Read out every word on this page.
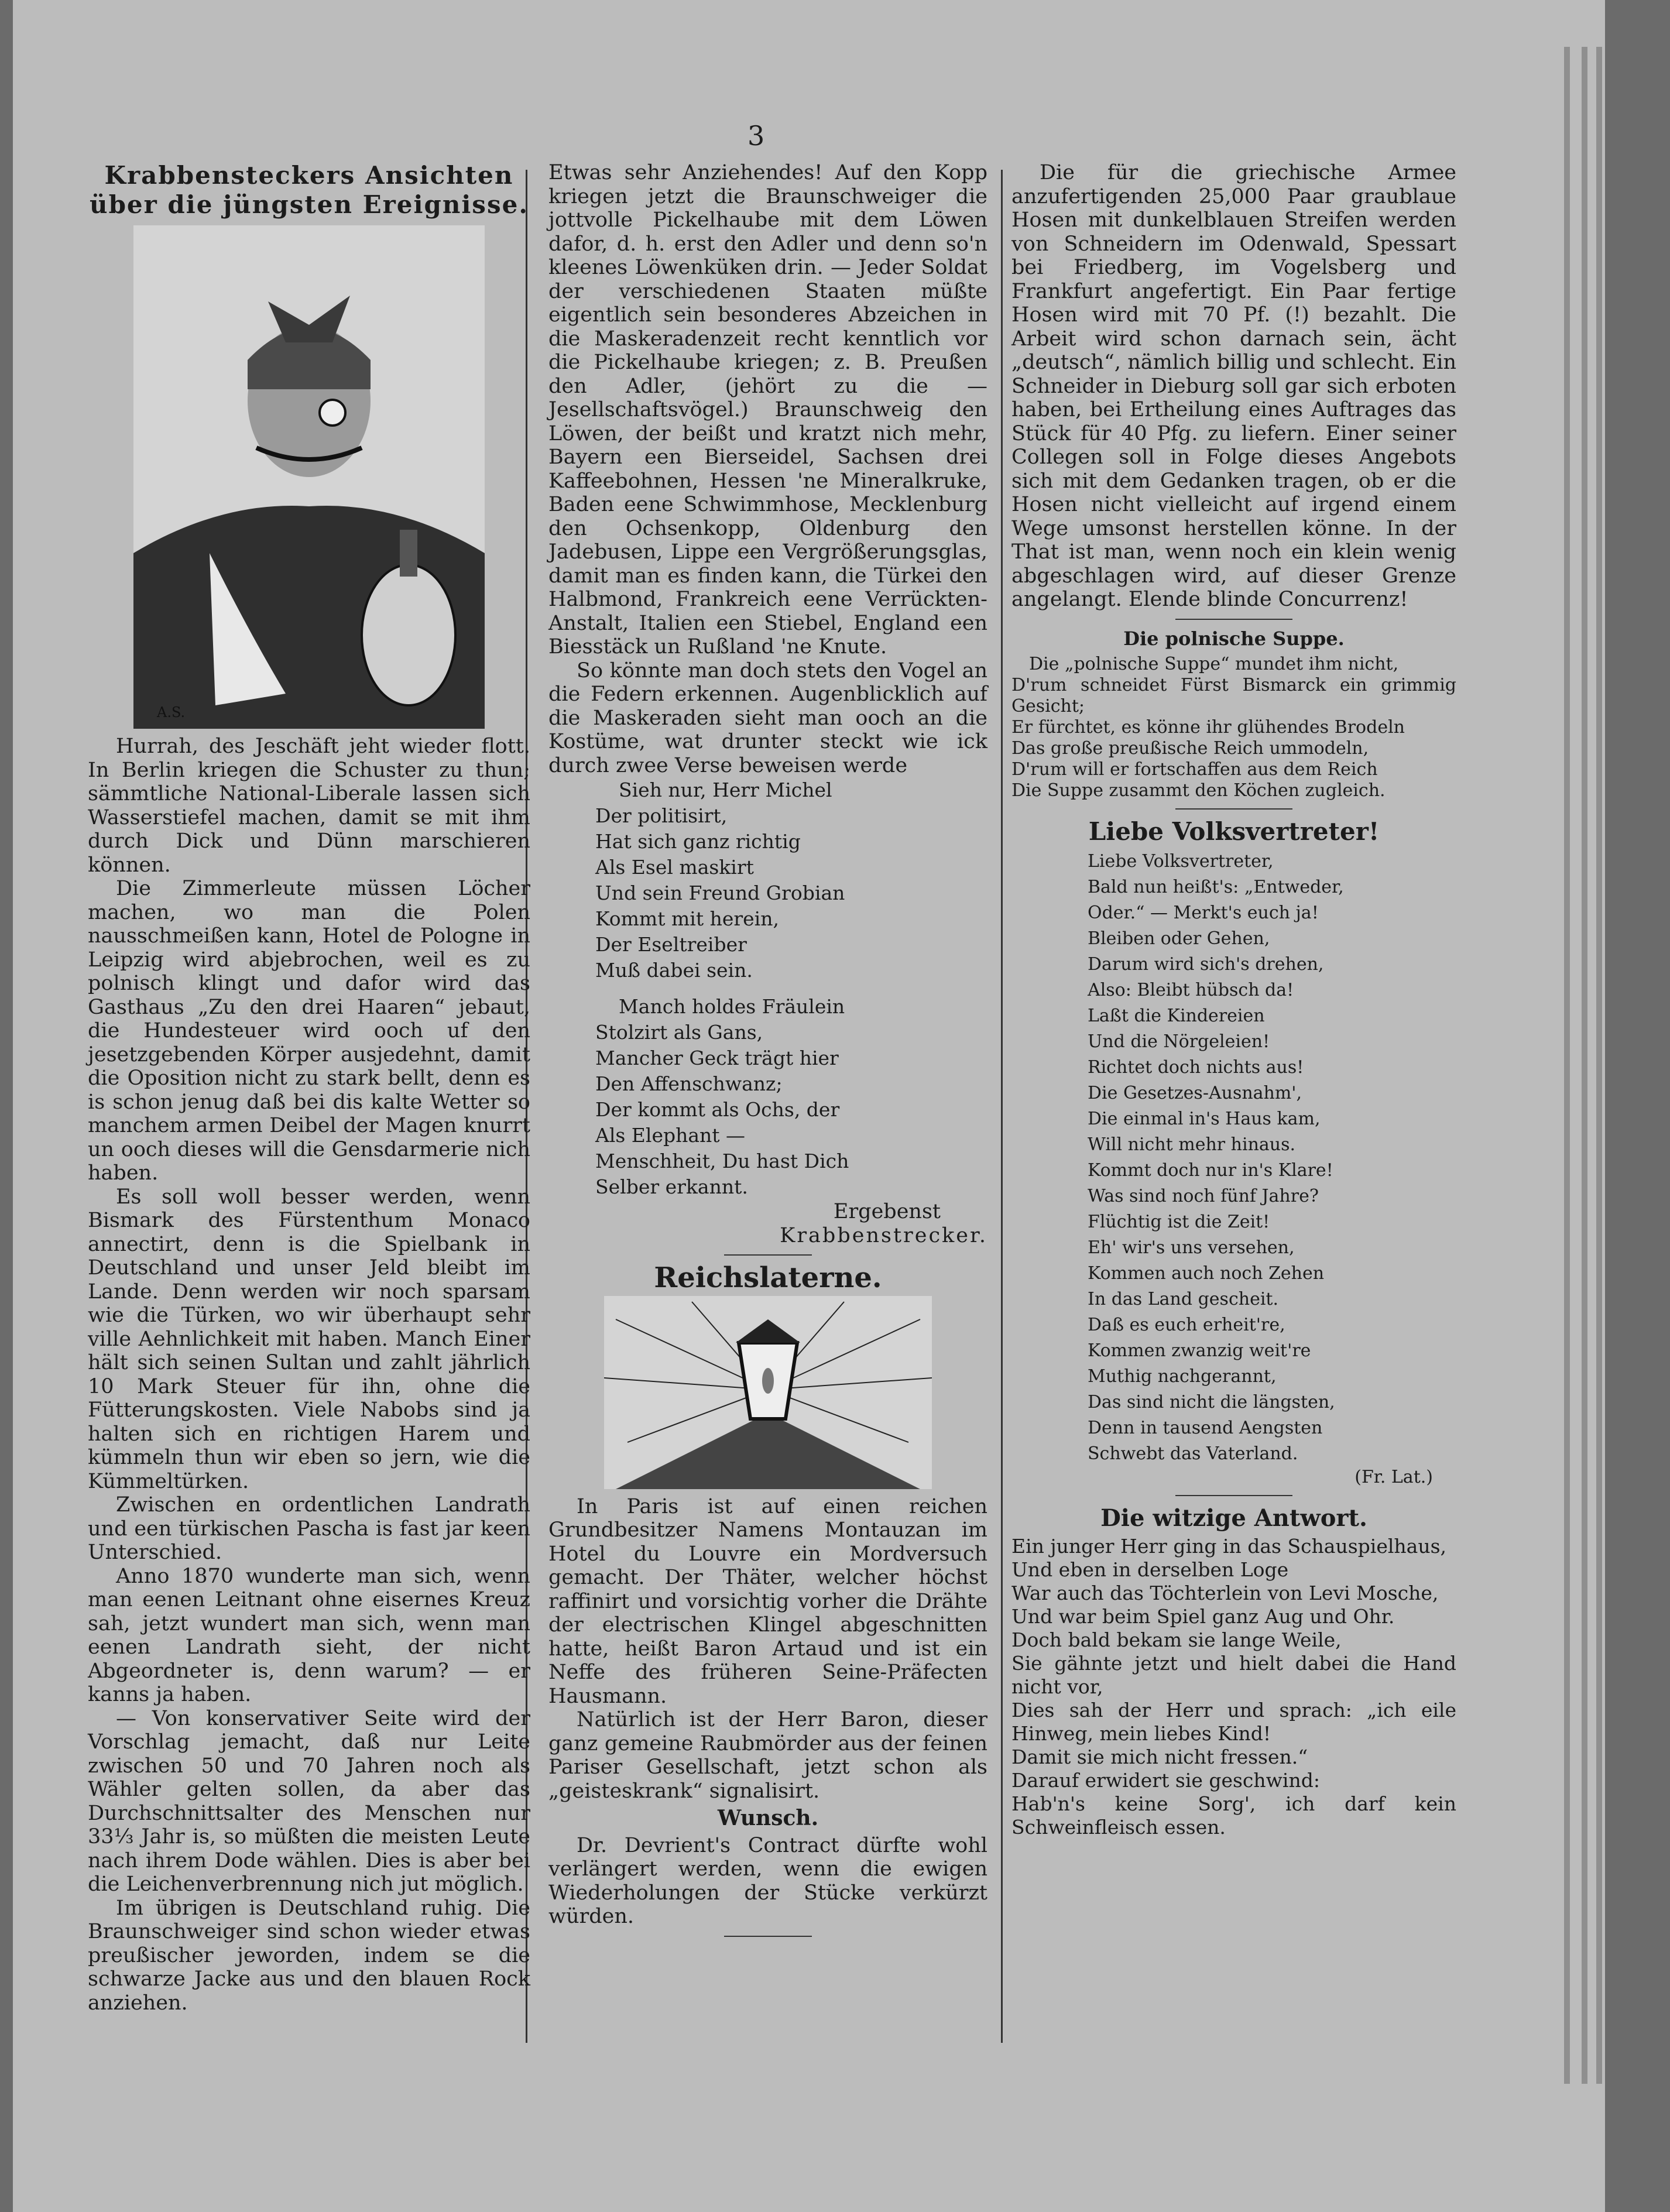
3
Krabbensteckers Ansichten
über die jüngsten Ereignisse.
A.S.

Hurrah, des Jeschäft jeht wieder flott. In Berlin kriegen die Schuster zu thun; sämmtliche National-Liberale lassen sich Wasserstiefel machen, damit se mit ihm durch Dick und Dünn marschieren können.

Die Zimmerleute müssen Löcher machen, wo man die Polen nausschmeißen kann, Hotel de Pologne in Leipzig wird abjebrochen, weil es zu polnisch klingt und dafor wird das Gasthaus „Zu den drei Haaren“ jebaut, die Hundesteuer wird ooch uf den jesetzgebenden Körper ausjedehnt, damit die Oposition nicht zu stark bellt, denn es is schon jenug daß bei dis kalte Wetter so manchem armen Deibel der Magen knurrt un ooch dieses will die Gensdarmerie nich haben.

Es soll woll besser werden, wenn Bismark des Fürstenthum Monaco annectirt, denn is die Spielbank in Deutschland und unser Jeld bleibt im Lande. Denn werden wir noch sparsam wie die Türken, wo wir überhaupt sehr ville Aehnlichkeit mit haben. Manch Einer hält sich seinen Sultan und zahlt jährlich 10 Mark Steuer für ihn, ohne die Fütterungskosten. Viele Nabobs sind ja halten sich en richtigen Harem und kümmeln thun wir eben so jern, wie die Kümmeltürken.

Zwischen en ordentlichen Landrath und een türkischen Pascha is fast jar keen Unterschied.

Anno 1870 wunderte man sich, wenn man eenen Leitnant ohne eisernes Kreuz sah, jetzt wundert man sich, wenn man eenen Landrath sieht, der nicht Abgeordneter is, denn warum? — er kanns ja haben.

— Von konservativer Seite wird der Vorschlag jemacht, daß nur Leite zwischen 50 und 70 Jahren noch als Wähler gelten sollen, da aber das Durchschnittsalter des Menschen nur 33⅓ Jahr is, so müßten die meisten Leute nach ihrem Dode wählen. Dies is aber bei die Leichenverbrennung nich jut möglich.

Im übrigen is Deutschland ruhig. Die Braunschweiger sind schon wieder etwas preußischer jeworden, indem se die schwarze Jacke aus und den blauen Rock anziehen.

Etwas sehr Anziehendes! Auf den Kopp kriegen jetzt die Braunschweiger die jottvolle Pickelhaube mit dem Löwen dafor, d. h. erst den Adler und denn so'n kleenes Löwenküken drin. — Jeder Soldat der verschiedenen Staaten müßte eigentlich sein besonderes Abzeichen in die Maskeradenzeit recht kenntlich vor die Pickelhaube kriegen; z. B. Preußen den Adler, (jehört zu die — Jesellschaftsvögel.) Braunschweig den Löwen, der beißt und kratzt nich mehr, Bayern een Bierseidel, Sachsen drei Kaffeebohnen, Hessen 'ne Mineralkruke, Baden eene Schwimmhose, Mecklenburg den Ochsenkopp, Oldenburg den Jadebusen, Lippe een Vergrößerungsglas, damit man es finden kann, die Türkei den Halbmond, Frankreich eene Verrückten-Anstalt, Italien een Stiebel, England een Biesstäck un Rußland 'ne Knute.

So könnte man doch stets den Vogel an die Federn erkennen. Augenblicklich auf die Maskeraden sieht man ooch an die Kostüme, wat drunter steckt wie ick durch zwee Verse beweisen werde

Sieh nur, Herr Michel
Der politisirt,
Hat sich ganz richtig
Als Esel maskirt
Und sein Freund Grobian
Kommt mit herein,
Der Eseltreiber
Muß dabei sein.
Manch holdes Fräulein
Stolzirt als Gans,
Mancher Geck trägt hier
Den Affenschwanz;
Der kommt als Ochs, der
Als Elephant —
Menschheit, Du hast Dich
Selber erkannt.
Ergebenst
Krabbenstrecker.
Reichslaterne.

In Paris ist auf einen reichen Grundbesitzer Namens Montauzan im Hotel du Louvre ein Mordversuch gemacht. Der Thäter, welcher höchst raffinirt und vorsichtig vorher die Drähte der electrischen Klingel abgeschnitten hatte, heißt Baron Artaud und ist ein Neffe des früheren Seine-Präfecten Hausmann.

Natürlich ist der Herr Baron, dieser ganz gemeine Raubmörder aus der feinen Pariser Gesellschaft, jetzt schon als „geisteskrank“ signalisirt.

Wunsch.

Dr. Devrient's Contract dürfte wohl verlängert werden, wenn die ewigen Wiederholungen der Stücke verkürzt würden.

Die für die griechische Armee anzufertigenden 25,000 Paar graublaue Hosen mit dunkelblauen Streifen werden von Schneidern im Odenwald, Spessart bei Friedberg, im Vogelsberg und Frankfurt angefertigt. Ein Paar fertige Hosen wird mit 70 Pf. (!) bezahlt. Die Arbeit wird schon darnach sein, ächt „deutsch“, nämlich billig und schlecht. Ein Schneider in Dieburg soll gar sich erboten haben, bei Ertheilung eines Auftrages das Stück für 40 Pfg. zu liefern. Einer seiner Collegen soll in Folge dieses Angebots sich mit dem Gedanken tragen, ob er die Hosen nicht vielleicht auf irgend einem Wege umsonst herstellen könne. In der That ist man, wenn noch ein klein wenig abgeschlagen wird, auf dieser Grenze angelangt. Elende blinde Concurrenz!

Die polnische Suppe.
Die „polnische Suppe“ mundet ihm nicht,
D'rum schneidet Fürst Bismarck ein grimmig Gesicht;
Er fürchtet, es könne ihr glühendes Brodeln
Das große preußische Reich ummodeln,
D'rum will er fortschaffen aus dem Reich
Die Suppe zusammt den Köchen zugleich.
Liebe Volksvertreter!
Liebe Volksvertreter,
Bald nun heißt's: „Entweder,
Oder.“ — Merkt's euch ja!
Bleiben oder Gehen,
Darum wird sich's drehen,
Also: Bleibt hübsch da!
Laßt die Kindereien
Und die Nörgeleien!
Richtet doch nichts aus!
Die Gesetzes-Ausnahm',
Die einmal in's Haus kam,
Will nicht mehr hinaus.
Kommt doch nur in's Klare!
Was sind noch fünf Jahre?
Flüchtig ist die Zeit!
Eh' wir's uns versehen,
Kommen auch noch Zehen
In das Land gescheit.
Daß es euch erheit're,
Kommen zwanzig weit're
Muthig nachgerannt,
Das sind nicht die längsten,
Denn in tausend Aengsten
Schwebt das Vaterland.
(Fr. Lat.)
Die witzige Antwort.
Ein junger Herr ging in das Schauspielhaus,
Und eben in derselben Loge
War auch das Töchterlein von Levi Mosche,
Und war beim Spiel ganz Aug und Ohr.
Doch bald bekam sie lange Weile,
Sie gähnte jetzt und hielt dabei die Hand nicht vor,
Dies sah der Herr und sprach: „ich eile Hinweg, mein liebes Kind!
Damit sie mich nicht fressen.“
Darauf erwidert sie geschwind:
Hab'n's keine Sorg', ich darf kein Schweinfleisch essen.
